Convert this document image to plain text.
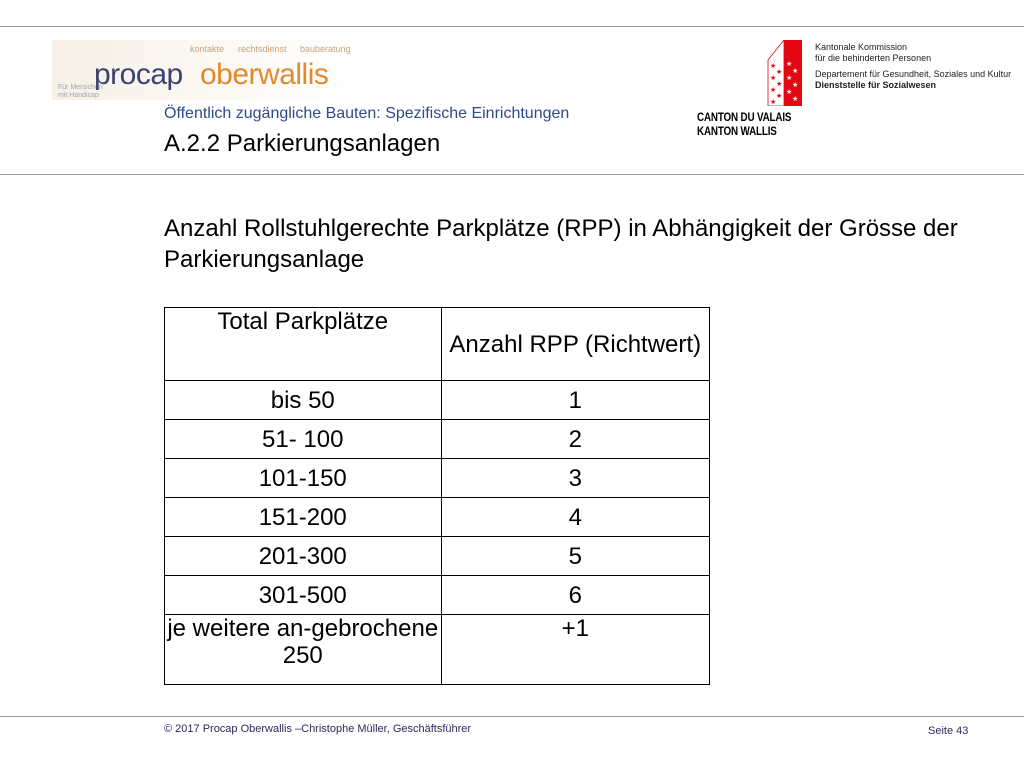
kontakte rechtsdienst bauberatung
Für Menschen
mit Handicap
procap oberwallis
Öffentlich zugängliche Bauten: Spezifische Einrichtungen
A.2.2 Parkierungsanlagen
★
★
★
★
★
★
★
★
★
★
★
★
★
CANTON DU VALAIS
KANTON WALLIS
Kantonale Kommission
für die behinderten Personen
Departement für Gesundheit, Soziales und Kultur
Dienststelle für Sozialwesen
Anzahl Rollstuhlgerechte Parkplätze (RPP) in Abhängigkeit der Grösse der Parkierungsanlage
Total Parkplätze	Anzahl RPP (Richtwert)
bis 50	1
51- 100	2
101-150	3
151-200	4
201-300	5
301-500	6
je weitere an-gebrochene 250	+1
© 2017 Procap Oberwallis –Christophe Müller, Geschäftsführer	Seite 43
